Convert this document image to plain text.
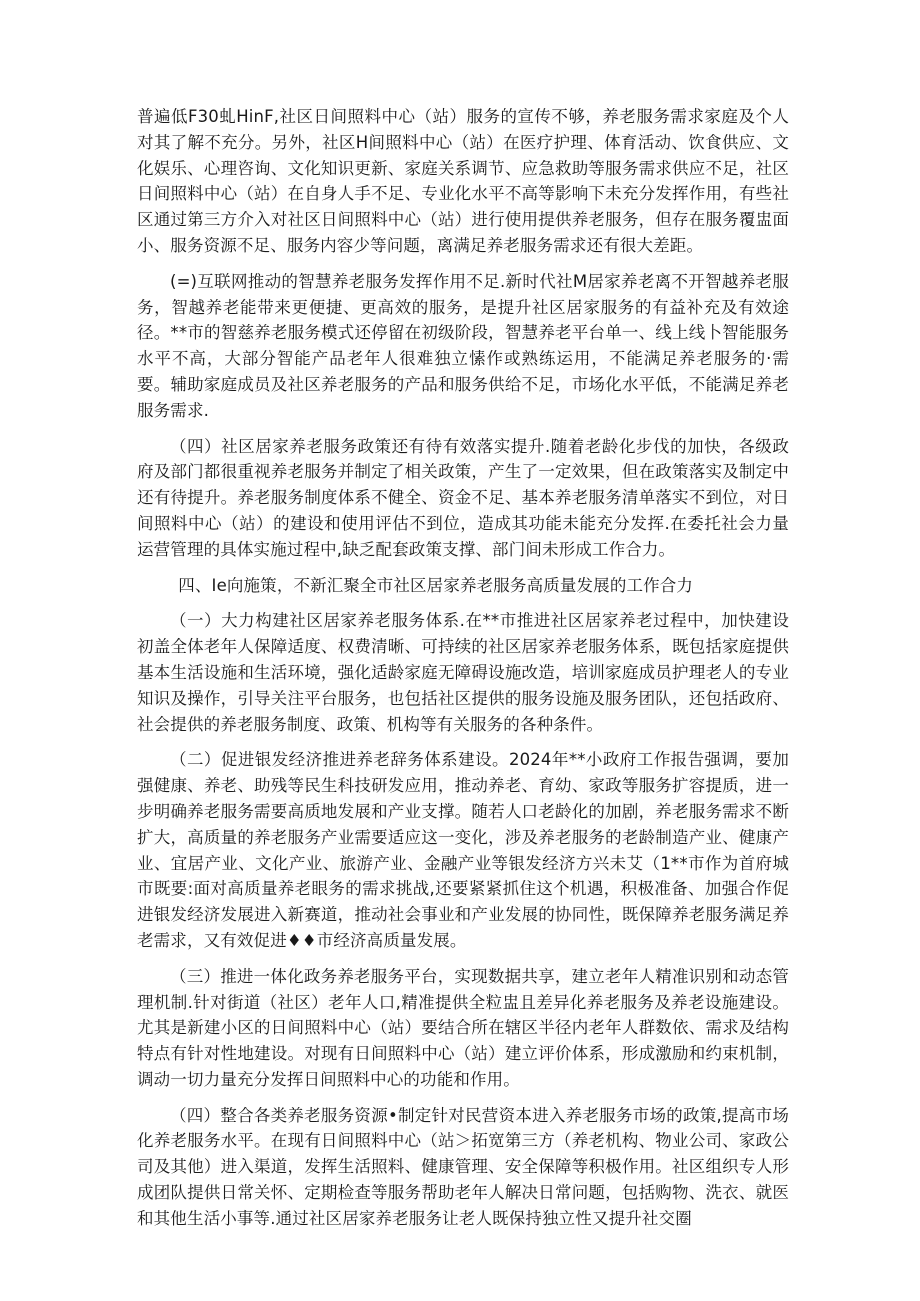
普遍低F30虬HinF,社区日间照料中心（站）服务的宣传不够，养老服务需求家庭及个人对其了解不充分。另外，社区H间照料中心（站）在医疗护理、体育活动、饮食供应、文化娱乐、心理咨询、文化知识更新、家庭关系调节、应急救助等服务需求供应不足，社区日间照料中心（站）在自身人手不足、专业化水平不高等影响下未充分发挥作用，有些社区通过第三方介入对社区日间照料中心（站）进行使用提供养老服务，但存在服务覆盅面小、服务资源不足、服务内容少等问题，离满足养老服务需求还有很大差距。

(=)互联网推动的智慧养老服务发挥作用不足.新时代社M居家养老离不开智越养老服务，智越养老能带来更便捷、更高效的服务，是提升社区居家服务的有益补充及有效途径。**市的智慈养老服务模式还停留在初级阶段，智慧养老平台单一、线上线卜智能服务水平不高，大部分智能产品老年人很难独立愫作或熟练运用，不能满足养老服务的·需要。辅助家庭成员及社区养老服务的产品和服务供给不足，市场化水平低，不能满足养老服务需求.

（四）社区居家养老服务政策还有待有效落实提升.随着老龄化步伐的加快，各级政府及部门都很重视养老服务并制定了相关政策，产生了一定效果，但在政策落实及制定中还有待提升。养老服务制度体系不健全、资金不足、基本养老服务清单落实不到位，对日间照料中心（站）的建设和使用评估不到位，造成其功能未能充分发挥.在委托社会力量运营管理的具体实施过程中,缺乏配套政策支撑、部门间未形成工作合力。

四、Ie向施策，不新汇聚全市社区居家养老服务高质量发展的工作合力

（一）大力构建社区居家养老服务体系.在**市推进社区居家养老过程中，加快建设初盖全体老年人保障适度、权费清晰、可持续的社区居家养老服务体系，既包括家庭提供基本生活设施和生活环境，强化适龄家庭无障碍设施改造，培训家庭成员护理老人的专业知识及操作，引导关注平台服务，也包括社区提供的服务设施及服务团队，还包括政府、社会提供的养老服务制度、政策、机构等有关服务的各种条件。

（二）促进银发经济推进养老辞务体系建设。2024年**小政府工作报告强调，要加强健康、养老、助残等民生科技研发应用，推动养老、育幼、家政等服务扩容提质，进一步明确养老服务需要高质地发展和产业支撑。随若人口老龄化的加剧，养老服务需求不断扩大，高质量的养老服务产业需要适应这一变化，涉及养老服务的老龄制造产业、健康产业、宜居产业、文化产业、旅游产业、金融产业等银发经济方兴未艾（1**市作为首府城市既要:面对高质量养老眼务的需求挑战,还要紧紧抓住这个机遇，积极准备、加强合作促进银发经济发展进入新赛道，推动社会事业和产业发展的协同性，既保障养老服务满足养老需求，又有效促进♦♦市经济高质量发展。

（三）推进一体化政务养老服务平台，实现数据共享，建立老年人精准识别和动态管理机制.针对街道（社区）老年人口,精准提供全粒盅且差异化养老服务及养老设施建设。尤其是新建小区的日间照料中心（站）要结合所在辖区半径内老年人群数依、需求及结构特点有针对性地建设。对现有日间照料中心（站）建立评价体系，形成激励和约束机制，调动一切力量充分发挥日间照料中心的功能和作用。

（四）整合各类养老服务资源•制定针对民营资本进入养老服务市场的政策,提高市场化养老服务水平。在现有日间照料中心（站＞拓宽第三方（养老机构、物业公司、家政公司及其他）进入渠道，发挥生活照料、健康管理、安全保障等积极作用。社区组织专人形成团队提供日常关怀、定期检查等服务帮助老年人解决日常问题，包括购物、洗衣、就医和其他生活小事等.通过社区居家养老服务让老人既保持独立性又提升社交圈
